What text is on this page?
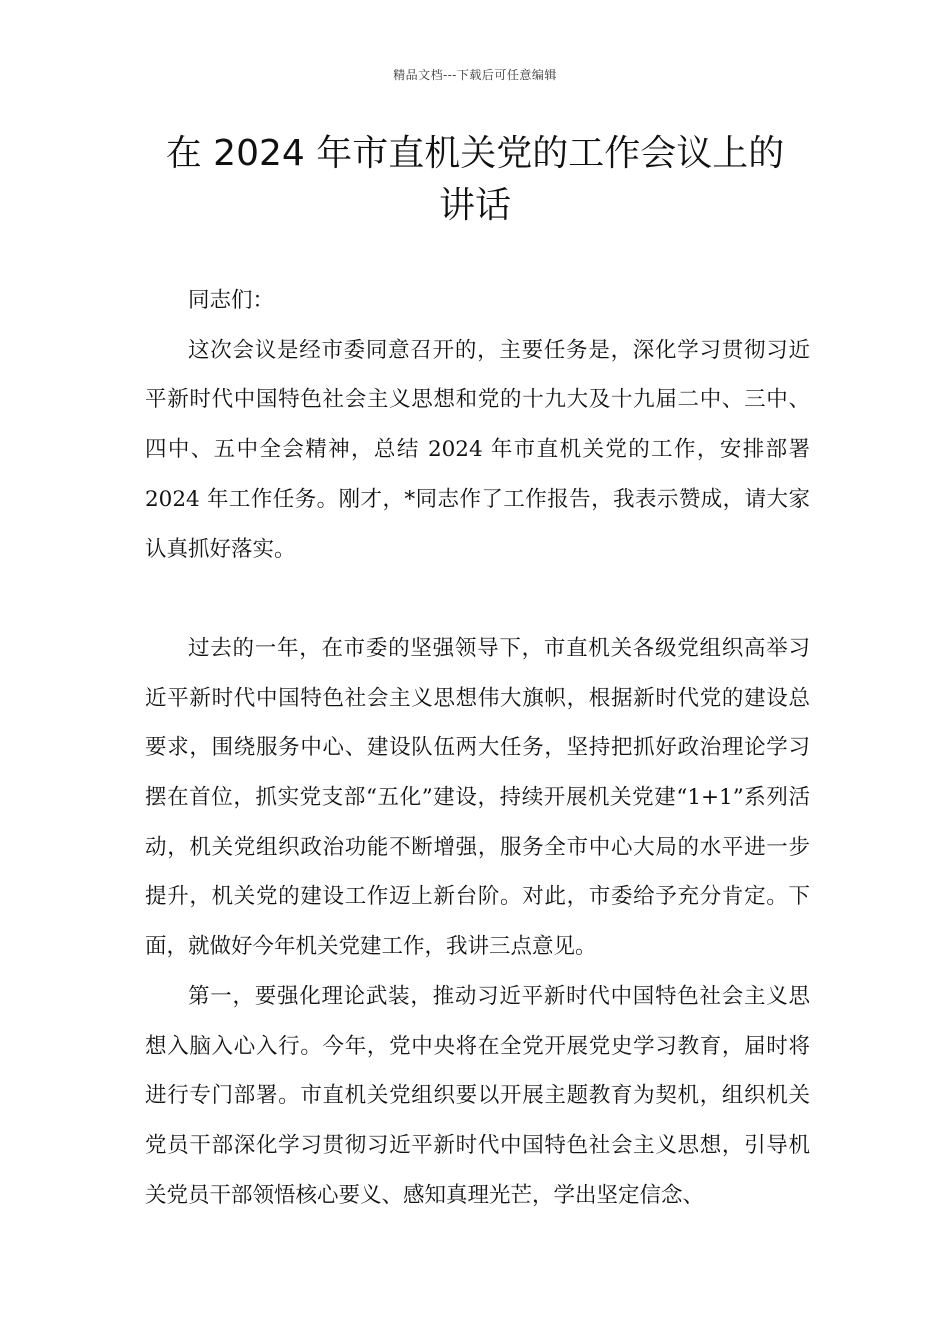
精品文档---下载后可任意编辑
在 2024 年市直机关党的工作会议上的
讲话

同志们：

这次会议是经市委同意召开的，主要任务是，深化学习贯彻习近平新时代中国特色社会主义思想和党的十九大及十九届二中、三中、四中、五中全会精神，总结 2024 年市直机关党的工作，安排部署 2024 年工作任务。刚才，*同志作了工作报告，我表示赞成，请大家认真抓好落实。

过去的一年，在市委的坚强领导下，市直机关各级党组织高举习近平新时代中国特色社会主义思想伟大旗帜，根据新时代党的建设总要求，围绕服务中心、建设队伍两大任务，坚持把抓好政治理论学习摆在首位，抓实党支部“五化”建设，持续开展机关党建“1+1”系列活动，机关党组织政治功能不断增强，服务全市中心大局的水平进一步提升，机关党的建设工作迈上新台阶。对此，市委给予充分肯定。下面，就做好今年机关党建工作，我讲三点意见。

第一，要强化理论武装，推动习近平新时代中国特色社会主义思想入脑入心入行。今年，党中央将在全党开展党史学习教育，届时将进行专门部署。市直机关党组织要以开展主题教育为契机，组织机关党员干部深化学习贯彻习近平新时代中国特色社会主义思想，引导机关党员干部领悟核心要义、感知真理光芒，学出坚定信念、
